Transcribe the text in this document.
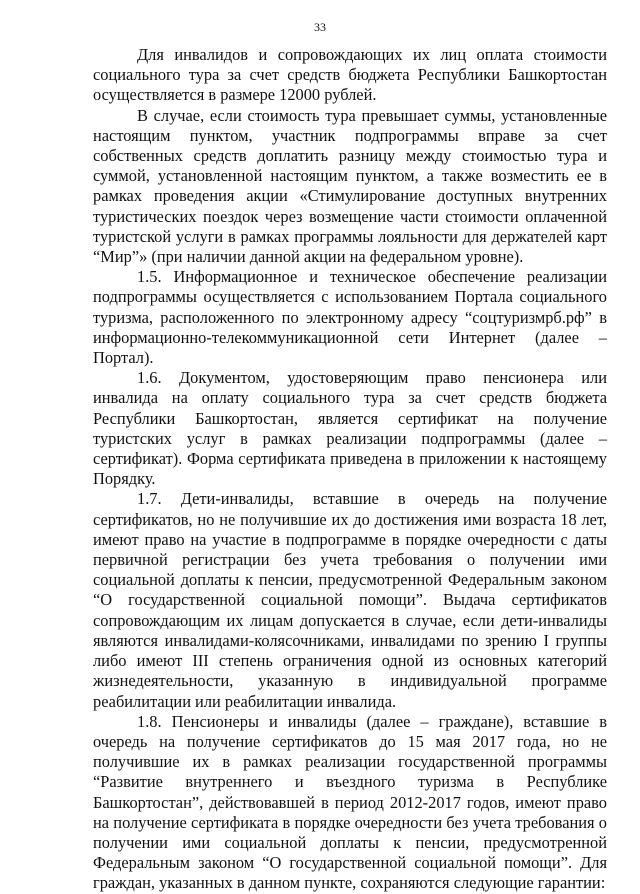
33

Для инвалидов и сопровождающих их лиц оплата стоимости социального тура за счет средств бюджета Республики Башкортостан осуществляется в размере 12000 рублей.

В случае, если стоимость тура превышает суммы, установленные настоящим пунктом, участник подпрограммы вправе за счет собственных средств доплатить разницу между стоимостью тура и суммой, установленной настоящим пунктом, а также возместить ее в рамках проведения акции «Стимулирование доступных внутренних туристических поездок через возмещение части стоимости оплаченной туристской услуги в рамках программы лояльности для держателей карт “Мир”» (при наличии данной акции на федеральном уровне).

1.5. Информационное и техническое обеспечение реализации подпрограммы осуществляется с использованием Портала социального туризма, расположенного по электронному адресу “соцтуризмрб.рф” в информационно-телекоммуникационной сети Интернет (далее – Портал).

1.6. Документом, удостоверяющим право пенсионера или инвалида на оплату социального тура за счет средств бюджета Республики Башкортостан, является сертификат на получение туристских услуг в рамках реализации подпрограммы (далее – сертификат). Форма сертификата приведена в приложении к настоящему Порядку.

1.7. Дети-инвалиды, вставшие в очередь на получение сертификатов, но не получившие их до достижения ими возраста 18 лет, имеют право на участие в подпрограмме в порядке очередности с даты первичной регистрации без учета требования о получении ими социальной доплаты к пенсии, предусмотренной Федеральным законом “О государственной социальной помощи”. Выдача сертификатов сопровождающим их лицам допускается в случае, если дети-инвалиды являются инвалидами-колясочниками, инвалидами по зрению I группы либо имеют III степень ограничения одной из основных категорий жизнедеятельности, указанную в индивидуальной программе реабилитации или реабилитации инвалида.

1.8. Пенсионеры и инвалиды (далее – граждане), вставшие в очередь на получение сертификатов до 15 мая 2017 года, но не получившие их в рамках реализации государственной программы “Развитие внутреннего и въездного туризма в Республике Башкортостан”, действовавшей в период 2012-2017 годов, имеют право на получение сертификата в порядке очередности без учета требования о получении ими социальной доплаты к пенсии, предусмотренной Федеральным законом “О государственной социальной помощи”. Для граждан, указанных в данном пункте, сохраняются следующие гарантии:
